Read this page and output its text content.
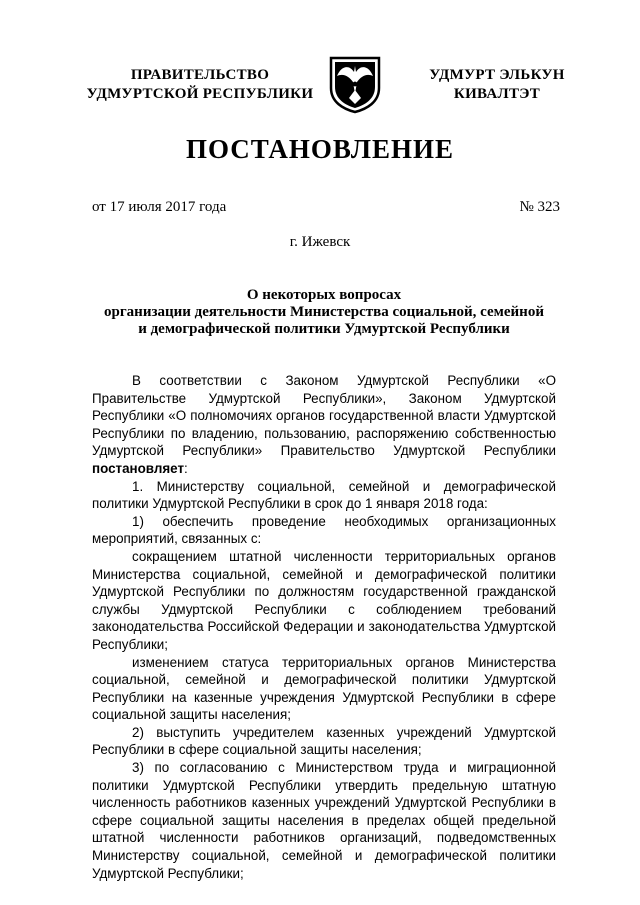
ПРАВИТЕЛЬСТВО
УДМУРТСКОЙ РЕСПУБЛИКИ
УДМУРТ ЭЛЬКУН
КИВАЛТЭТ
ПОСТАНОВЛЕНИЕ
от 17 июля 2017 года	№ 323
г. Ижевск
О некоторых вопросах
организации деятельности Министерства социальной, семейной
и демографической политики Удмуртской Республики

В соответствии с Законом Удмуртской Республики «О Правительстве Удмуртской Республики», Законом Удмуртской Республики «О полномочиях органов государственной власти Удмуртской Республики по владению, пользованию, распоряжению собственностью Удмуртской Республики» Правительство Удмуртской Республики постановляет:

1. Министерству социальной, семейной и демографической политики Удмуртской Республики в срок до 1 января 2018 года:

1) обеспечить проведение необходимых организационных мероприятий, связанных с:

сокращением штатной численности территориальных органов Министерства социальной, семейной и демографической политики Удмуртской Республики по должностям государственной гражданской службы Удмуртской Республики с соблюдением требований законодательства Российской Федерации и законодательства Удмуртской Республики;

изменением статуса территориальных органов Министерства социальной, семейной и демографической политики Удмуртской Республики на казенные учреждения Удмуртской Республики в сфере социальной защиты населения;

2) выступить учредителем казенных учреждений Удмуртской Республики в сфере социальной защиты населения;

3) по согласованию с Министерством труда и миграционной политики Удмуртской Республики утвердить предельную штатную численность работников казенных учреждений Удмуртской Республики в сфере социальной защиты населения в пределах общей предельной штатной численности работников организаций, подведомственных Министерству социальной, семейной и демографической политики Удмуртской Республики;
